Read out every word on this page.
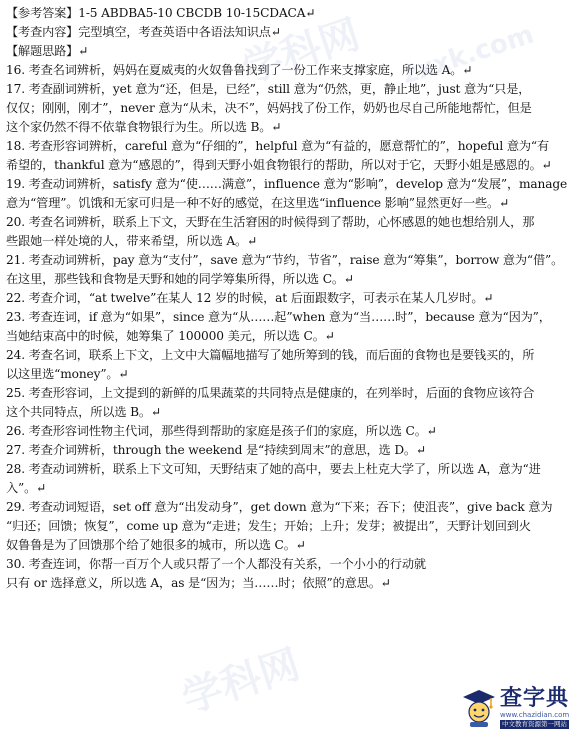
【参考答案】1-5 ABDBA5-10 CBCDB 10-15CDACA↵
【考查内容】完型填空，考查英语中各语法知识点↵
【解题思路】↵
16. 考查名词辨析，妈妈在夏威夷的火奴鲁鲁找到了一份工作来支撑家庭，所以选 A。↵
17. 考查副词辨析，yet 意为“还，但是，已经”，still 意为“仍然，更，静止地”，just 意为“只是，
仅仅；刚刚，刚才”，never 意为“从未，决不”，妈妈找了份工作，奶奶也尽自己所能地帮忙，但是
这个家仍然不得不依靠食物银行为生。所以选 B。↵
18. 考查形容词辨析，careful 意为“仔细的”，helpful 意为“有益的，愿意帮忙的”，hopeful 意为“有
希望的，thankful 意为“感恩的”，得到天野小姐食物银行的帮助，所以对于它，天野小姐是感恩的。↵
19. 考查动词辨析，satisfy 意为“使……满意”，influence 意为“影响”，develop 意为“发展”，manage
意为“管理”。饥饿和无家可归是一种不好的感觉，在这里选“influence 影响”显然更好一些。↵
20. 考查名词辨析，联系上下文，天野在生活窘困的时候得到了帮助，心怀感恩的她也想给别人，那
些跟她一样处境的人，带来希望，所以选 A。↵
21. 考查动词辨析，pay 意为“支付”，save 意为“节约，节省”，raise 意为“筹集”，borrow 意为“借”。
在这里，那些钱和食物是天野和她的同学筹集所得，所以选 C。↵
22. 考查介词，“at twelve”在某人 12 岁的时候，at 后面跟数字，可表示在某人几岁时。↵
23. 考查连词，if 意为“如果”，since 意为“从……起”when 意为“当……时”，because 意为“因为”，
当她结束高中的时候，她筹集了 100000 美元，所以选 C。↵
24. 考查名词，联系上下文，上文中大篇幅地描写了她所筹到的钱，而后面的食物也是要钱买的，所
以这里选“money”。↵
25. 考查形容词，上文提到的新鲜的瓜果蔬菜的共同特点是健康的，在列举时，后面的食物应该符合
这个共同特点，所以选 B。↵
26. 考查形容词性物主代词，那些得到帮助的家庭是孩子们的家庭，所以选 C。↵
27. 考查介词辨析，through the weekend 是“持续到周末”的意思，选 D。↵
28. 考查动词辨析，联系上下文可知，天野结束了她的高中，要去上杜克大学了，所以选 A，意为“进
入”。↵
29. 考查动词短语，set off 意为“出发动身”，get down 意为“下来；吞下；使沮丧”，give back 意为
“归还；回馈；恢复”，come up 意为“走进；发生；开始；上升；发芽；被提出”，天野计划回到火
奴鲁鲁是为了回馈那个给了她很多的城市，所以选 C。↵
30. 考查连词，你帮一百万个人或只帮了一个人都没有关系，一个小小的行动就
只有 or 选择意义，所以选 A，as 是“因为；当……时；依照”的意思。↵
学科网 zxxk.com
学科网	查字典
www.chazidian.com
中文教育资源第一网站
